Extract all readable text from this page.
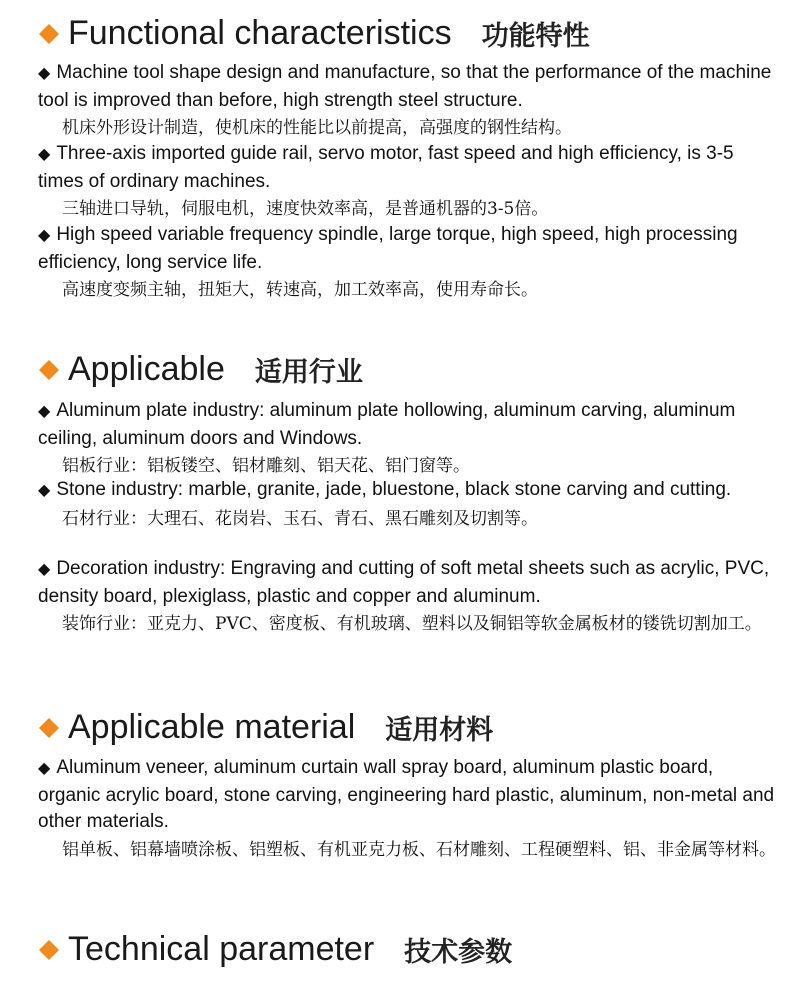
Functional characteristics 功能特性
◆ Machine tool shape design and manufacture, so that the performance of the machine tool is improved than before, high strength steel structure.
机床外形设计制造，使机床的性能比以前提高，高强度的钢性结构。
◆ Three-axis imported guide rail, servo motor, fast speed and high efficiency, is 3-5 times of ordinary machines.
三轴进口导轨，伺服电机，速度快效率高，是普通机器的3-5倍。
◆ High speed variable frequency spindle, large torque, high speed, high processing efficiency, long service life.
高速度变频主轴，扭矩大，转速高，加工效率高，使用寿命长。
Applicable 适用行业
◆ Aluminum plate industry: aluminum plate hollowing, aluminum carving, aluminum ceiling, aluminum doors and Windows.
铝板行业：铝板镂空、铝材雕刻、铝天花、铝门窗等。
◆ Stone industry: marble, granite, jade, bluestone, black stone carving and cutting.
石材行业：大理石、花岗岩、玉石、青石、黑石雕刻及切割等。
◆ Decoration industry: Engraving and cutting of soft metal sheets such as acrylic, PVC, density board, plexiglass, plastic and copper and aluminum.
装饰行业：亚克力、PVC、密度板、有机玻璃、塑料以及铜铝等软金属板材的镂铣切割加工。
Applicable material 适用材料
◆ Aluminum veneer, aluminum curtain wall spray board, aluminum plastic board, organic acrylic board, stone carving, engineering hard plastic, aluminum, non-metal and other materials.
铝单板、铝幕墙喷涂板、铝塑板、有机亚克力板、石材雕刻、工程硬塑料、铝、非金属等材料。
Technical parameter 技术参数
